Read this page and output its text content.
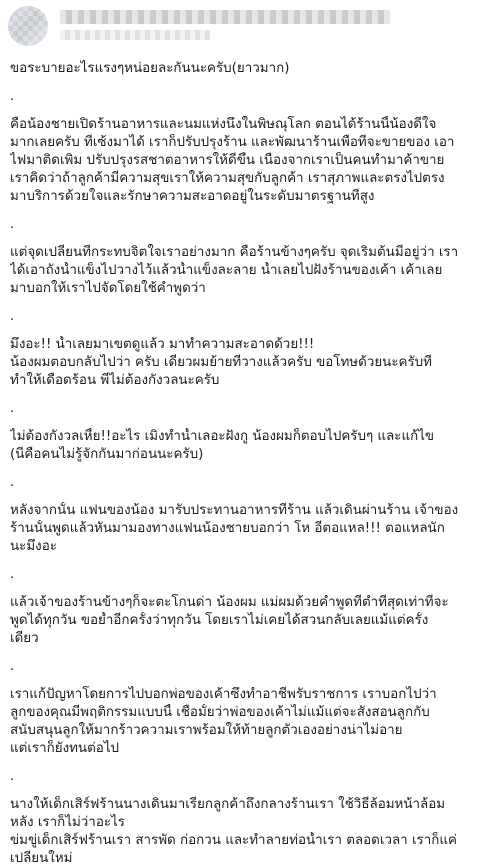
ขอระบายอะไรแรงๆหน่อยละกันนะครับ(ยาวมาก)
.
คือน้องชายเปิดร้านอาหารและนมแห่งนึงในพิษณุโลก ตอนได้ร้านนี้น้องดีใจ
มากเลยครับ ที่เซ้งมาได้ เราก็ปรับปรุงร้าน และพัฒนาร้านเพื่อที่จะขายของ เอา
ไฟมาติดเพิ่ม ปรับปรุงรสชาตอาหารให้ดีขึ้น เนื่องจากเราเป็นคนทำมาค้าขาย
เราคิดว่าถ้าลูกค้ามีความสุขเราให้ความสุขกับลูกค้า เราสุภาพและตรงไปตรง
มาบริการด้วยใจและรักษาความสะอาดอยู่ในระดับมาตรฐานที่สูง
.
แต่จุดเปลี่ยนที่กระทบจิตใจเราอย่างมาก คือร้านข้างๆครับ จุดเริ่มต้นมีอยู่ว่า เรา
ได้เอาถังน้ำแข็งไปวางไว้แล้วน้ำแข็งละลาย น้ำเลยไปฝั่งร้านของเค้า เค้าเลย
มาบอกให้เราไปจัดโดยใช้คำพูดว่า
.
มึงอะ!! น้ำเลยมาเขตดูแล้ว มาทำความสะอาดด้วย!!!
น้องผมตอบกลับไปว่า ครับ เดี๋ยวผมย้ายที่วางแล้วครับ ขอโทษด้วยนะครับที่
ทำให้เดือดร้อน พี่ไม่ต้องกังวลนะครับ
.
ไม่ต้องกังวลเหี้ย!!อะไร เมิงทำน้ำเลอะฝั่งกู น้องผมก็ตอบไปครับๆ และแก้ไข
(นี่คือคนไม่รู้จักกันมาก่อนนะครับ)
.
หลังจากนั้น แฟนของน้อง มารับประทานอาหารที่ร้าน แล้วเดินผ่านร้าน เจ้าของ
ร้านนั้นพูดแล้วหันมามองทางแฟนน้องชายบอกว่า โห อีตอแหล!!! ตอแหลนัก
นะมึงอะ
.
แล้วเจ้าของร้านข้างๆก็จะตะโกนด่า น้องผม แม่ผมด้วยคำพูดที่ต่ำที่สุดเท่าที่จะ
พูดได้ทุกวัน ขอย้ำอีกครั้งว่าทุกวัน โดยเราไม่เคยได้สวนกลับเลยแม้แต่ครั้ง
เดียว
.
เราแก้ปัญหาโดยการไปบอกพ่อของเค้าซึ่งทำอาชีพรับราชการ เราบอกไปว่า
ลูกของคุณมีพฤติกรรมแบบนี้ เชื่อมั้ยว่าพ่อของเค้าไม่แม้แต่จะสั่งสอนลูกกับ
สนับสนุนลูกให้มากร้าวความเราพร้อมให้ท้ายลูกตัวเองอย่างน่าไม่อาย
แต่เราก็ยังทนต่อไป
.
นางให้เด็กเสิร์ฟร้านนางเดินมาเรียกลูกค้าถึงกลางร้านเรา ใช้วิธีล้อมหน้าล้อม
หลัง เราก็ไม่ว่าอะไร
ข่มขู่เด็กเสิร์ฟร้านเรา สารพัด ก่อกวน และทำลายท่อน้ำเรา ตลอดเวลา เราก็แค่
เปลี่ยนใหม่
